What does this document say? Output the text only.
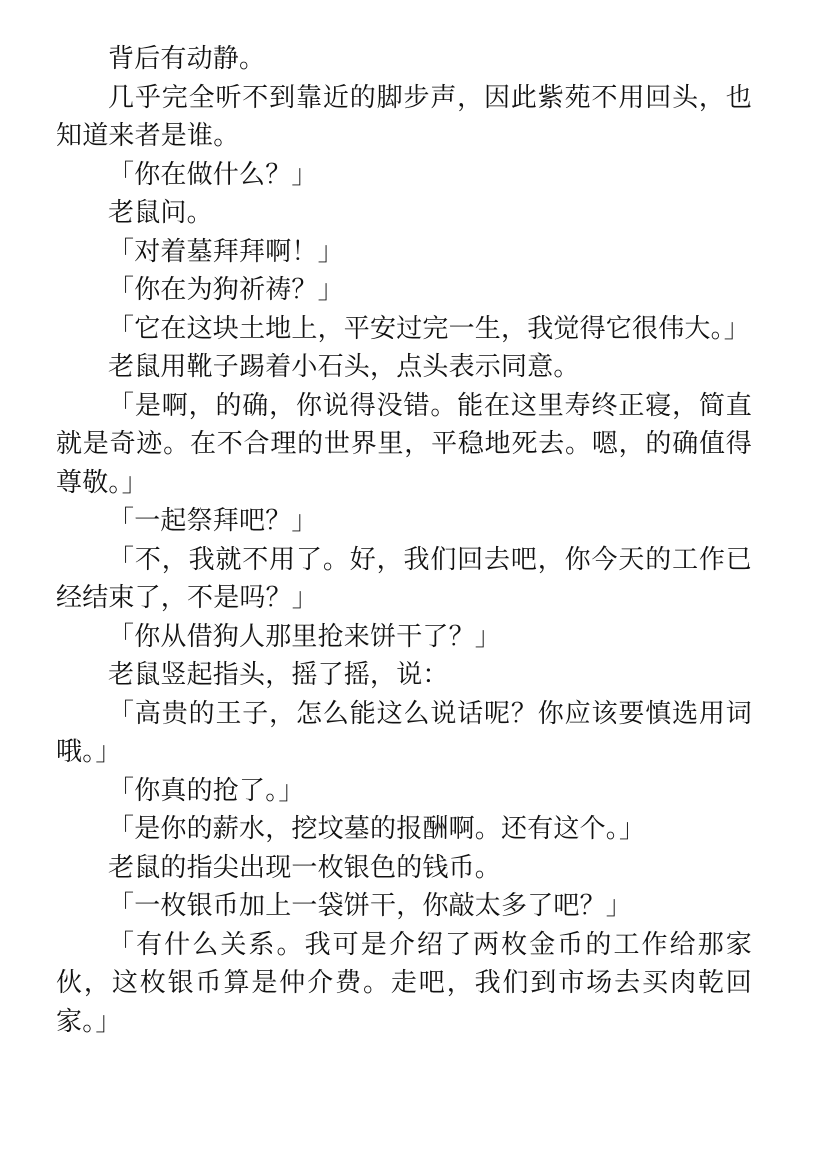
背后有动静。

几乎完全听不到靠近的脚步声，因此紫苑不用回头，也知道来者是谁。

「你在做什么？」

老鼠问。

「对着墓拜拜啊！」

「你在为狗祈祷？」

「它在这块土地上，平安过完一生，我觉得它很伟大。」

老鼠用靴子踢着小石头，点头表示同意。

「是啊，的确，你说得没错。能在这里寿终正寝，简直就是奇迹。在不合理的世界里，平稳地死去。嗯，的确值得尊敬。」

「一起祭拜吧？」

「不，我就不用了。好，我们回去吧，你今天的工作已经结束了，不是吗？」

「你从借狗人那里抢来饼干了？」

老鼠竖起指头，摇了摇，说：

「高贵的王子，怎么能这么说话呢？你应该要慎选用词哦。」

「你真的抢了。」

「是你的薪水，挖坟墓的报酬啊。还有这个。」

老鼠的指尖出现一枚银色的钱币。

「一枚银币加上一袋饼干，你敲太多了吧？」

「有什么关系。我可是介绍了两枚金币的工作给那家伙，这枚银币算是仲介费。走吧，我们到市场去买肉乾回家。」
